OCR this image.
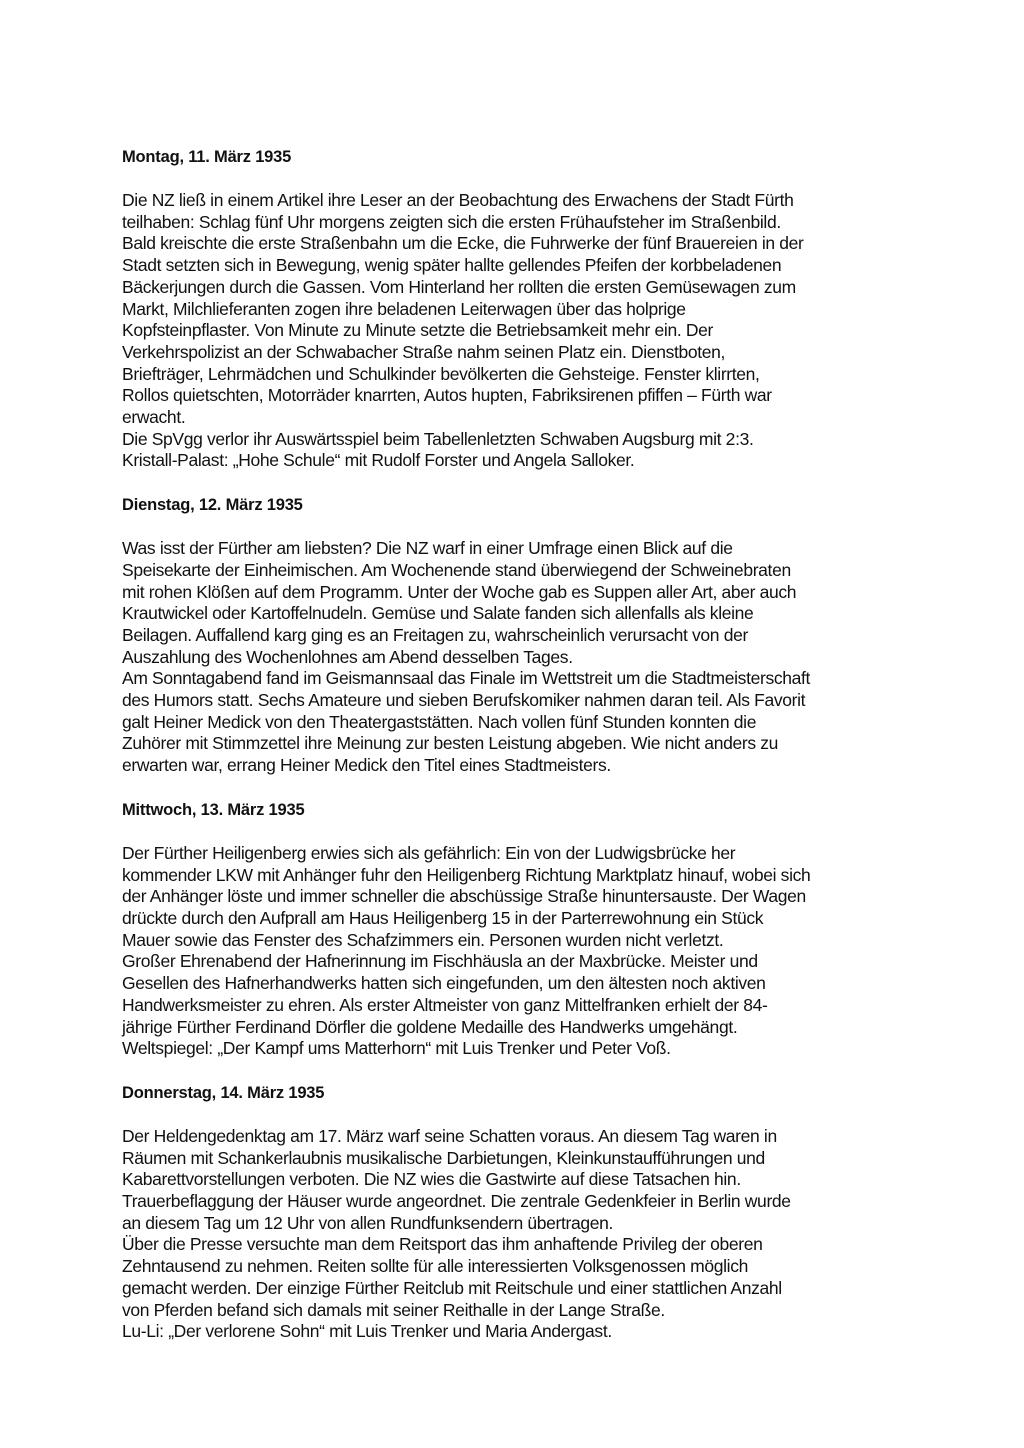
Montag, 11. März 1935
Die NZ ließ in einem Artikel ihre Leser an der Beobachtung des Erwachens der Stadt Fürth
teilhaben: Schlag fünf Uhr morgens zeigten sich die ersten Frühaufsteher im Straßenbild.
Bald kreischte die erste Straßenbahn um die Ecke, die Fuhrwerke der fünf Brauereien in der
Stadt setzten sich in Bewegung, wenig später hallte gellendes Pfeifen der korbbeladenen
Bäckerjungen durch die Gassen. Vom Hinterland her rollten die ersten Gemüsewagen zum
Markt, Milchlieferanten zogen ihre beladenen Leiterwagen über das holprige
Kopfsteinpflaster. Von Minute zu Minute setzte die Betriebsamkeit mehr ein. Der
Verkehrspolizist an der Schwabacher Straße nahm seinen Platz ein. Dienstboten,
Briefträger, Lehrmädchen und Schulkinder bevölkerten die Gehsteige. Fenster klirrten,
Rollos quietschten, Motorräder knarrten, Autos hupten, Fabriksirenen pfiffen – Fürth war
erwacht.
Die SpVgg verlor ihr Auswärtsspiel beim Tabellenletzten Schwaben Augsburg mit 2:3.
Kristall-Palast: „Hohe Schule“ mit Rudolf Forster und Angela Salloker.
Dienstag, 12. März 1935
Was isst der Fürther am liebsten? Die NZ warf in einer Umfrage einen Blick auf die
Speisekarte der Einheimischen. Am Wochenende stand überwiegend der Schweinebraten
mit rohen Klößen auf dem Programm. Unter der Woche gab es Suppen aller Art, aber auch
Krautwickel oder Kartoffelnudeln. Gemüse und Salate fanden sich allenfalls als kleine
Beilagen. Auffallend karg ging es an Freitagen zu, wahrscheinlich verursacht von der
Auszahlung des Wochenlohnes am Abend desselben Tages.
Am Sonntagabend fand im Geismannsaal das Finale im Wettstreit um die Stadtmeisterschaft
des Humors statt. Sechs Amateure und sieben Berufskomiker nahmen daran teil. Als Favorit
galt Heiner Medick von den Theatergaststätten. Nach vollen fünf Stunden konnten die
Zuhörer mit Stimmzettel ihre Meinung zur besten Leistung abgeben. Wie nicht anders zu
erwarten war, errang Heiner Medick den Titel eines Stadtmeisters.
Mittwoch, 13. März 1935
Der Fürther Heiligenberg erwies sich als gefährlich: Ein von der Ludwigsbrücke her
kommender LKW mit Anhänger fuhr den Heiligenberg Richtung Marktplatz hinauf, wobei sich
der Anhänger löste und immer schneller die abschüssige Straße hinuntersauste. Der Wagen
drückte durch den Aufprall am Haus Heiligenberg 15 in der Parterrewohnung ein Stück
Mauer sowie das Fenster des Schafzimmers ein. Personen wurden nicht verletzt.
Großer Ehrenabend der Hafnerinnung im Fischhäusla an der Maxbrücke. Meister und
Gesellen des Hafnerhandwerks hatten sich eingefunden, um den ältesten noch aktiven
Handwerksmeister zu ehren. Als erster Altmeister von ganz Mittelfranken erhielt der 84-
jährige Fürther Ferdinand Dörfler die goldene Medaille des Handwerks umgehängt.
Weltspiegel: „Der Kampf ums Matterhorn“ mit Luis Trenker und Peter Voß.
Donnerstag, 14. März 1935
Der Heldengedenktag am 17. März warf seine Schatten voraus. An diesem Tag waren in
Räumen mit Schankerlaubnis musikalische Darbietungen, Kleinkunstaufführungen und
Kabarettvorstellungen verboten. Die NZ wies die Gastwirte auf diese Tatsachen hin.
Trauerbeflaggung der Häuser wurde angeordnet. Die zentrale Gedenkfeier in Berlin wurde
an diesem Tag um 12 Uhr von allen Rundfunksendern übertragen.
Über die Presse versuchte man dem Reitsport das ihm anhaftende Privileg der oberen
Zehntausend zu nehmen. Reiten sollte für alle interessierten Volksgenossen möglich
gemacht werden. Der einzige Fürther Reitclub mit Reitschule und einer stattlichen Anzahl
von Pferden befand sich damals mit seiner Reithalle in der Lange Straße.
Lu-Li: „Der verlorene Sohn“ mit Luis Trenker und Maria Andergast.
